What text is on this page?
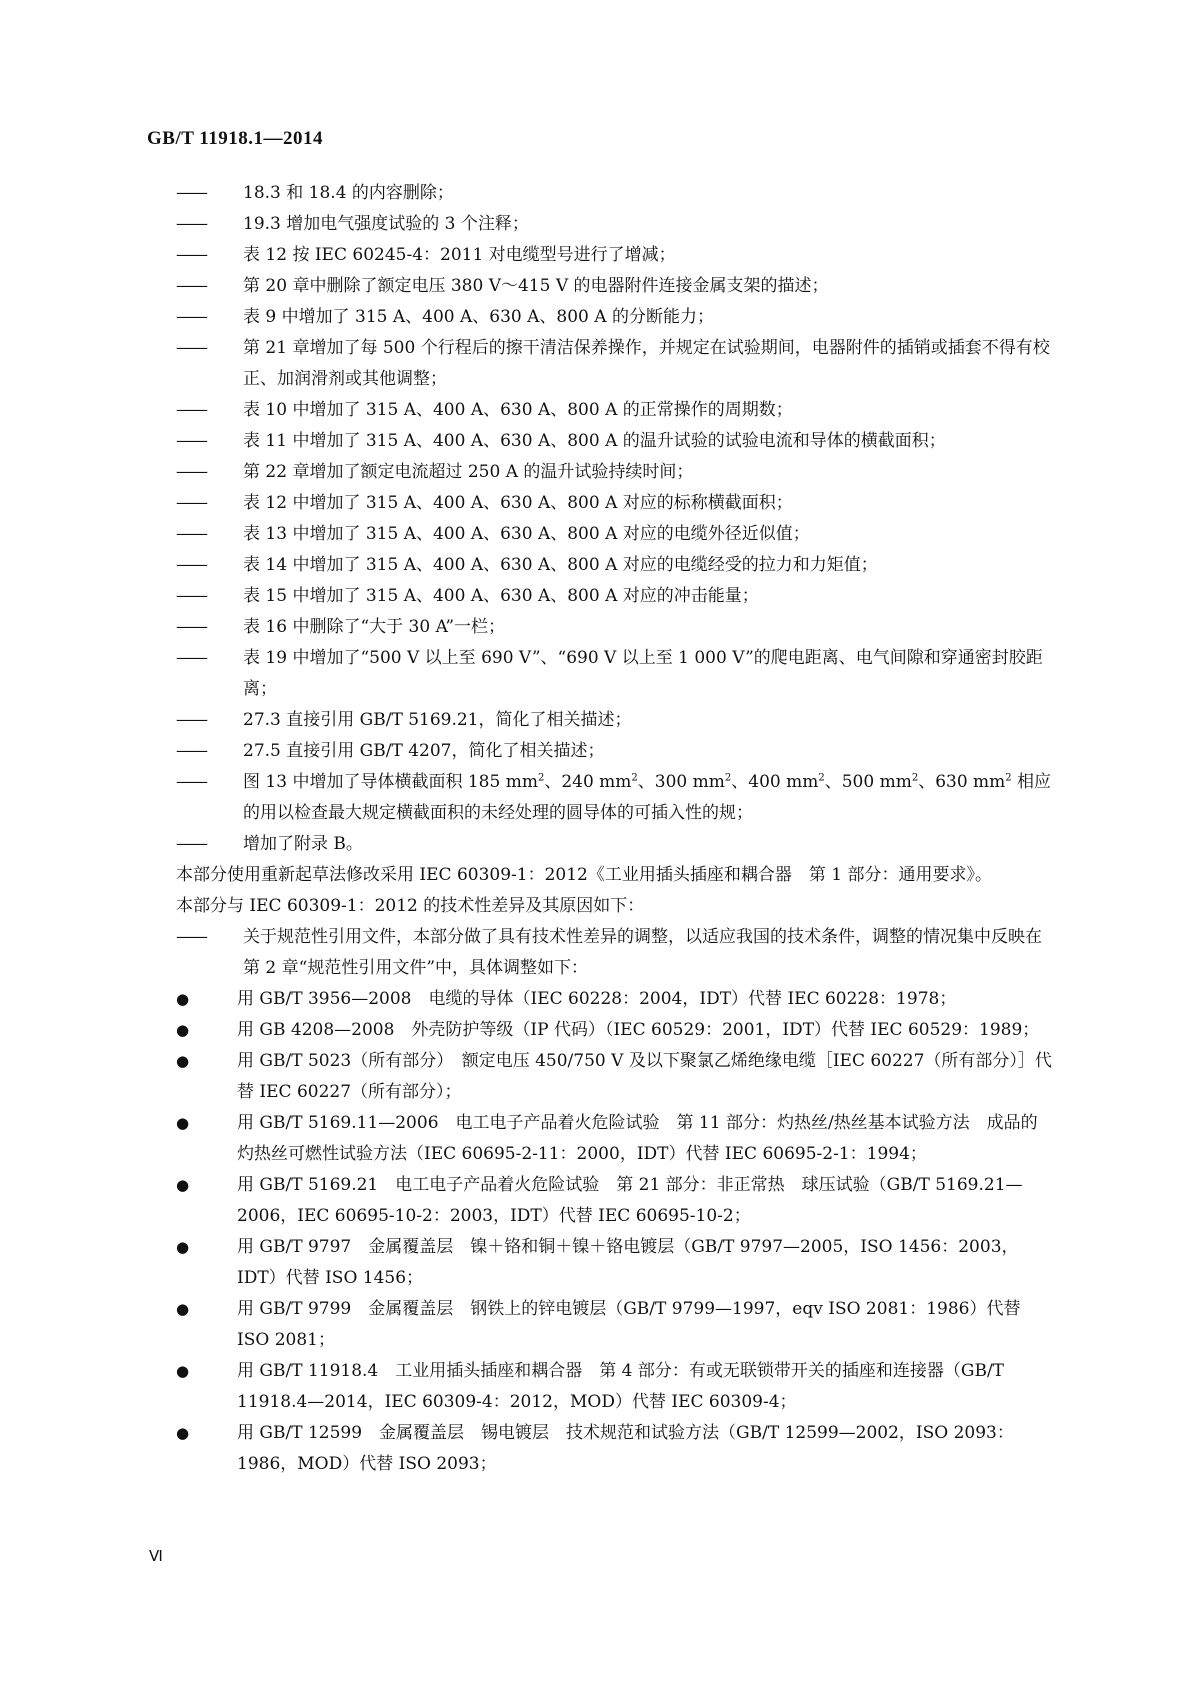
GB/T 11918.1—2014
——	18.3 和 18.4 的内容删除；
——	19.3 增加电气强度试验的 3 个注释；
——	表 12 按 IEC 60245-4：2011 对电缆型号进行了增减；
——	第 20 章中删除了额定电压 380 V～415 V 的电器附件连接金属支架的描述；
——	表 9 中增加了 315 A、400 A、630 A、800 A 的分断能力；
——	第 21 章增加了每 500 个行程后的擦干清洁保养操作，并规定在试验期间，电器附件的插销或插套不得有校正、加润滑剂或其他调整；
——	表 10 中增加了 315 A、400 A、630 A、800 A 的正常操作的周期数；
——	表 11 中增加了 315 A、400 A、630 A、800 A 的温升试验的试验电流和导体的横截面积；
——	第 22 章增加了额定电流超过 250 A 的温升试验持续时间；
——	表 12 中增加了 315 A、400 A、630 A、800 A 对应的标称横截面积；
——	表 13 中增加了 315 A、400 A、630 A、800 A 对应的电缆外径近似值；
——	表 14 中增加了 315 A、400 A、630 A、800 A 对应的电缆经受的拉力和力矩值；
——	表 15 中增加了 315 A、400 A、630 A、800 A 对应的冲击能量；
——	表 16 中删除了“大于 30 A”一栏；
——	表 19 中增加了“500 V 以上至 690 V”、“690 V 以上至 1 000 V”的爬电距离、电气间隙和穿通密封胶距离；
——	27.3 直接引用 GB/T 5169.21，简化了相关描述；
——	27.5 直接引用 GB/T 4207，简化了相关描述；
——	图 13 中增加了导体横截面积 185 $mm^2$、240 $mm^2$、300 $mm^2$、400 $mm^2$、500 $mm^2$、630 $mm^2$ 相应的用以检查最大规定横截面积的未经处理的圆导体的可插入性的规；
——	增加了附录 B。

本部分使用重新起草法修改采用 IEC 60309-1：2012《工业用插头插座和耦合器　第 1 部分：通用要求》。

本部分与 IEC 60309-1：2012 的技术性差异及其原因如下：

——	关于规范性引用文件，本部分做了具有技术性差异的调整，以适应我国的技术条件，调整的情况集中反映在第 2 章“规范性引用文件”中，具体调整如下：
●	用 GB/T 3956—2008　电缆的导体（IEC 60228：2004，IDT）代替 IEC 60228：1978；
●	用 GB 4208—2008　外壳防护等级（IP 代码）（IEC 60529：2001，IDT）代替 IEC 60529：1989；
●	用 GB/T 5023（所有部分）　额定电压 450/750 V 及以下聚氯乙烯绝缘电缆［IEC 60227（所有部分）］代替 IEC 60227（所有部分）；
●	用 GB/T 5169.11—2006　电工电子产品着火危险试验　第 11 部分：灼热丝/热丝基本试验方法　成品的灼热丝可燃性试验方法（IEC 60695-2-11：2000，IDT）代替 IEC 60695-2-1：1994；
●	用 GB/T 5169.21　电工电子产品着火危险试验　第 21 部分：非正常热　球压试验（GB/T 5169.21—2006，IEC 60695-10-2：2003，IDT）代替 IEC 60695-10-2；
●	用 GB/T 9797　金属覆盖层　镍＋铬和铜＋镍＋铬电镀层（GB/T 9797—2005，ISO 1456：2003，IDT）代替 ISO 1456；
●	用 GB/T 9799　金属覆盖层　钢铁上的锌电镀层（GB/T 9799—1997，eqv ISO 2081：1986）代替 ISO 2081；
●	用 GB/T 11918.4　工业用插头插座和耦合器　第 4 部分：有或无联锁带开关的插座和连接器（GB/T 11918.4—2014，IEC 60309-4：2012，MOD）代替 IEC 60309-4；
●	用 GB/T 12599　金属覆盖层　锡电镀层　技术规范和试验方法（GB/T 12599—2002，ISO 2093：1986，MOD）代替 ISO 2093；
Ⅵ
